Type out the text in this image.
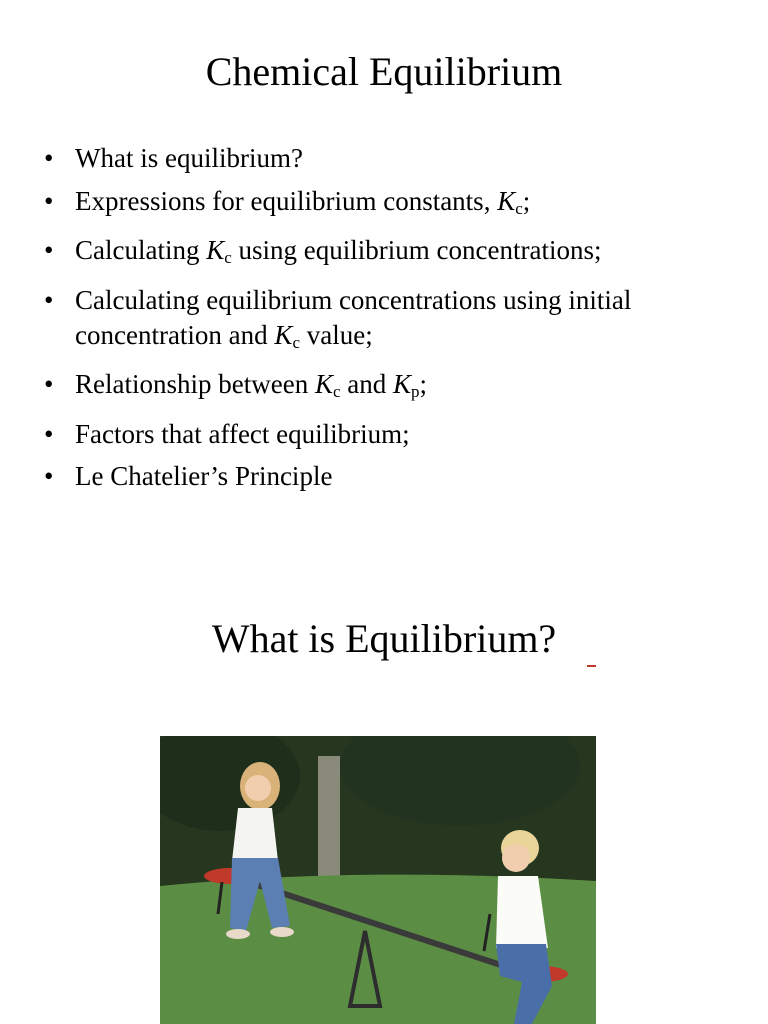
Chemical Equilibrium
• What is equilibrium?
• Expressions for equilibrium constants, $K_c$;
• Calculating $K_c$ using equilibrium concentrations;
• Calculating equilibrium concentrations using initial concentration and $K_c$ value;
• Relationship between $K_c$ and $K_p$;
• Factors that affect equilibrium;
• Le Chatelier’s Principle
What is Equilibrium?
